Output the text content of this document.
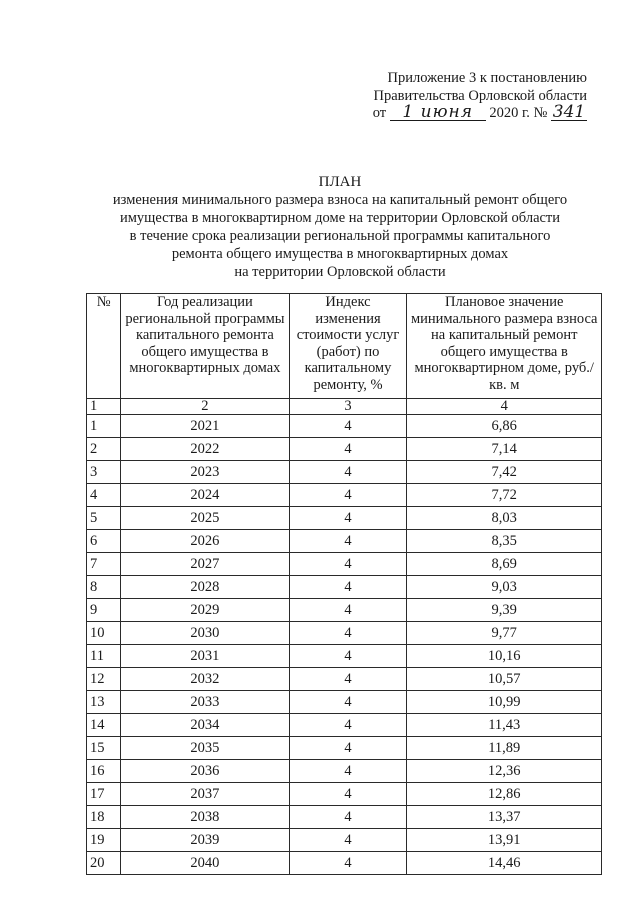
Приложение 3 к постановлению
Правительства Орловской области
от 1 июня 2020 г. № 341
ПЛАН
изменения минимального размера взноса на капитальный ремонт общего
имущества в многоквартирном доме на территории Орловской области
в течение срока реализации региональной программы капитального
ремонта общего имущества в многоквартирных домах
на территории Орловской области
№	Год реализации региональной программы капитального ремонта общего имущества в многоквартирных домах	Индекс изменения стоимости услуг (работ) по капитальному ремонту, %	Плановое значение минимального размера взноса на капитальный ремонт общего имущества в многоквартирном доме, руб./кв. м
1	2	3	4
1	2021	4	6,86
2	2022	4	7,14
3	2023	4	7,42
4	2024	4	7,72
5	2025	4	8,03
6	2026	4	8,35
7	2027	4	8,69
8	2028	4	9,03
9	2029	4	9,39
10	2030	4	9,77
11	2031	4	10,16
12	2032	4	10,57
13	2033	4	10,99
14	2034	4	11,43
15	2035	4	11,89
16	2036	4	12,36
17	2037	4	12,86
18	2038	4	13,37
19	2039	4	13,91
20	2040	4	14,46
